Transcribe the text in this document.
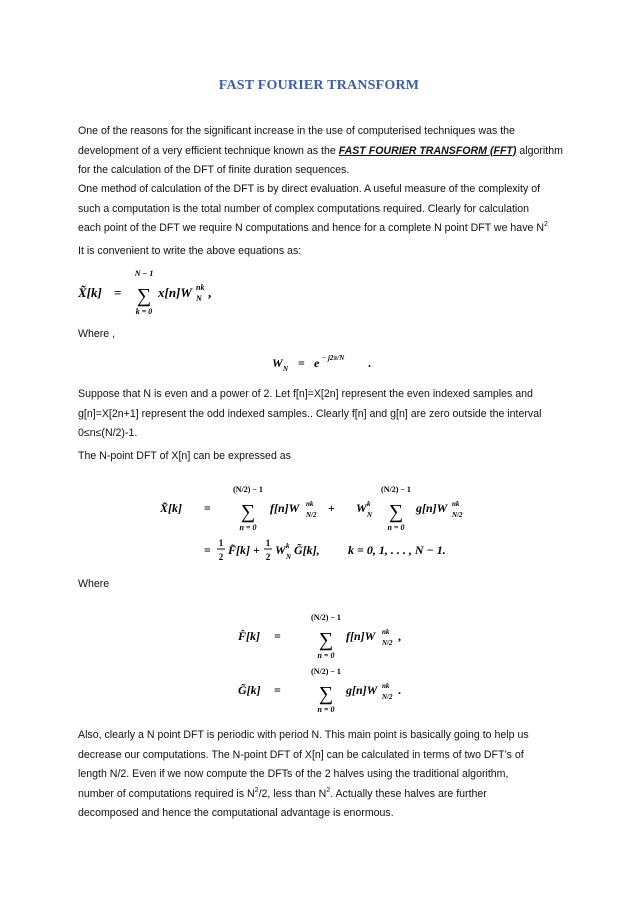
FAST FOURIER TRANSFORM

One of the reasons for the significant increase in the use of computerised techniques was the
development of a very efficient technique known as the FAST FOURIER TRANSFORM (FFT) algorithm
for the calculation of the DFT of finite duration sequences.

One method of calculation of the DFT is by direct evaluation. A useful measure of the complexity of
such a computation is the total number of complex computations required. Clearly for calculation
each point of the DFT we require N computations and hence for a complete N point DFT we have $N^2$

It is convenient to write the above equations as:

X̃[k] =
N − 1
∑
k = 0
x[n]W N
nk ,

Where ,

W N = e − j2π/N .

Suppose that N is even and a power of 2. Let f[n]=X[2n] represent the even indexed samples and
g[n]=X[2n+1] represent the odd indexed samples.. Clearly f[n] and g[n] are zero outside the interval
0≤n≤(N/2)-1.

The N-point DFT of X[n] can be expressed as

X̃[k] =
(N/2) − 1
∑
n = 0
f[n]W N/2
nk + W N
k
(N/2) − 1
∑
n = 0
g[n]W N/2
nk
= 1
2 F̃[k] + 1
2 W N
k G̃[k], k = 0, 1, . . . , N − 1.

Where

F̂[k] =
(N/2) − 1
∑
n = 0
f[n]W N/2
nk ,
G̃[k] =
(N/2) − 1
∑
n = 0
g[n]W N/2
nk .

Also, clearly a N point DFT is periodic with period N. This main point is basically going to help us
decrease our computations. The N-point DFT of X[n] can be calculated in terms of two DFT’s of
length N/2. Even if we now compute the DFTs of the 2 halves using the traditional algorithm,
number of computations required is $N^2/2$, less than $N^2$. Actually these halves are further
decomposed and hence the computational advantage is enormous.
